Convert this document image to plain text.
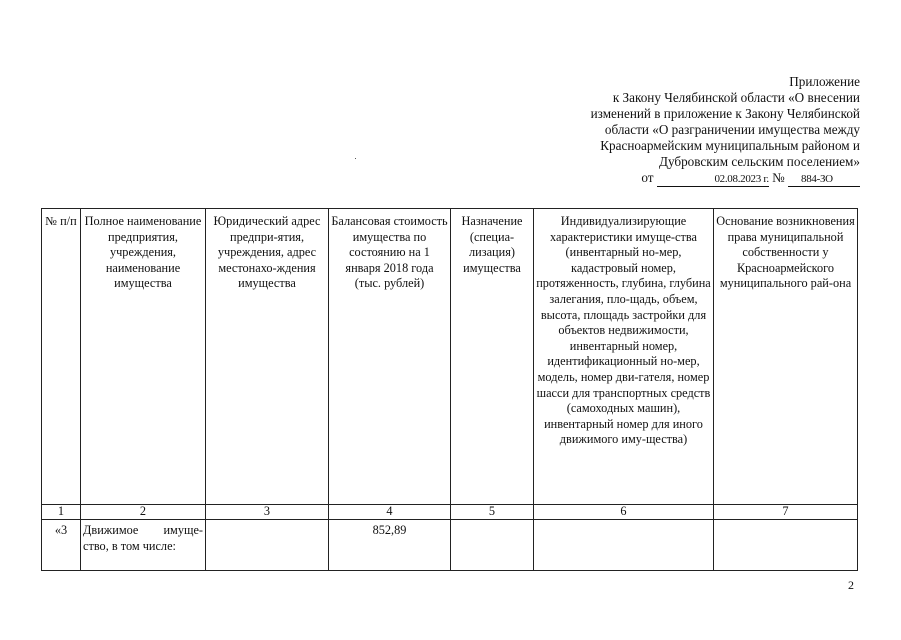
Приложение
к Закону Челябинской области «О внесении
изменений в приложение к Закону Челябинской
области «О разграничении имущества между
Красноармейским муниципальным районом и
Дубровским сельским поселением»
от	02.08.2023 г. № 884-ЗО
№ п/п	Полное наименование предприятия, учреждения, наименование имущества	Юридический адрес предпри-ятия, учреждения, адрес местонахо-ждения имущества	Балансовая стоимость имущества по состоянию на 1 января 2018 года (тыс. рублей)	Назначение (специа-лизация) имущества	Индивидуализирующие характеристики имуще-ства (инвентарный но-мер, кадастровый номер, протяженность, глубина, глубина залегания, пло-щадь, объем, высота, площадь застройки для объектов недвижимости, инвентарный номер, идентификационный но-мер, модель, номер дви-гателя, номер шасси для транспортных средств (самоходных машин), инвентарный номер для иного движимого иму-щества)	Основание возникновения права муниципальной собственности у Красноармейского муниципального рай-она
1	2	3	4	5	6	7
«3	Движимое имуще-ство, в том числе:		852,89			
2
